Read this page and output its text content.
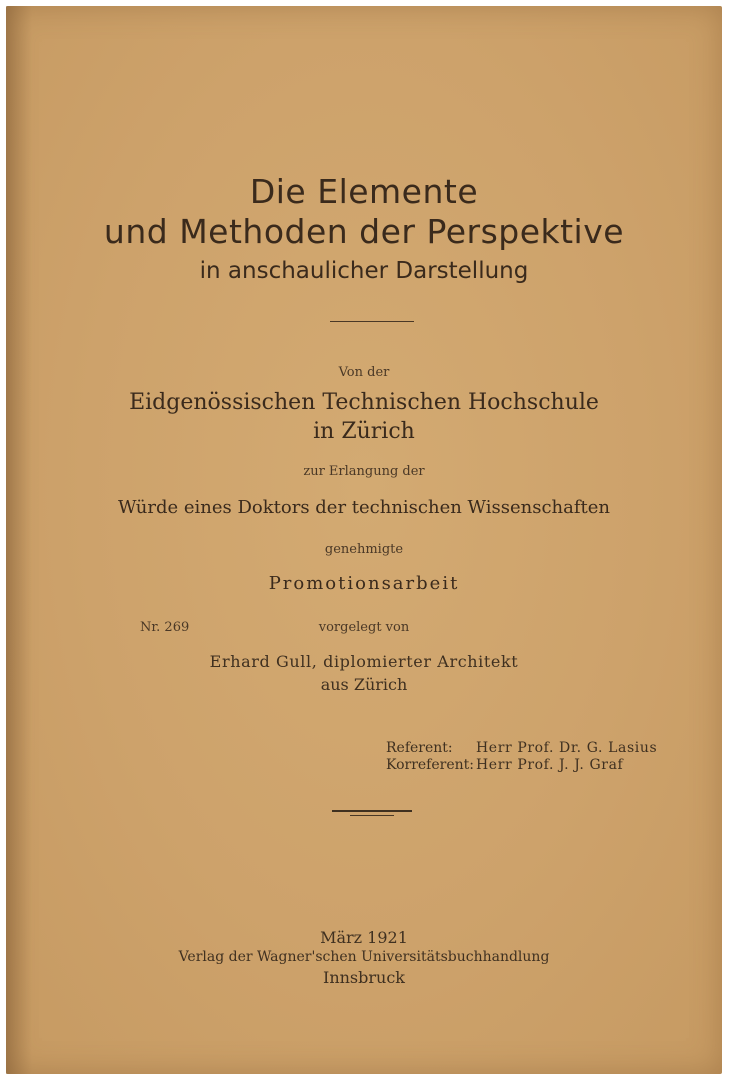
Die Elemente

und Methoden der Perspektive

in anschaulicher Darstellung

Von der

Eidgenössischen Technischen Hochschule

in Zürich

zur Erlangung der

Würde eines Doktors der technischen Wissenschaften

genehmigte

Promotionsarbeit

Nr. 269	vorgelegt von

Erhard Gull, diplomierter Architekt

aus Zürich

Referent: Herr Prof. Dr. G. Lasius
Korreferent: Herr Prof. J. J. Graf

März 1921

Verlag der Wagner'schen Universitätsbuchhandlung

Innsbruck
